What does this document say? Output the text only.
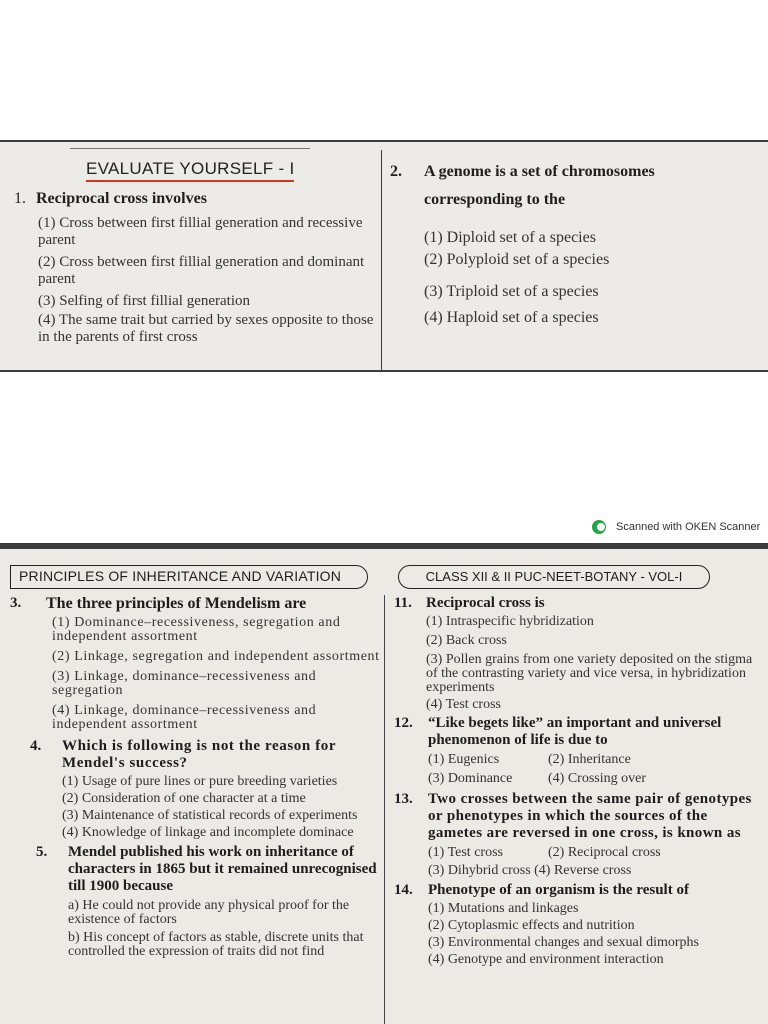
EVALUATE YOURSELF - I
1. Reciprocal cross involves
(1) Cross between first fillial generation and recessive parent
(2) Cross between first fillial generation and dominant parent
(3) Selfing of first fillial generation
(4) The same trait but carried by sexes opposite to those in the parents of first cross
2. A genome is a set of chromosomes
corresponding to the
(1) Diploid set of a species
(2) Polyploid set of a species
(3) Triploid set of a species
(4) Haploid set of a species
Scanned with OKEN Scanner
PRINCIPLES OF INHERITANCE AND VARIATION	CLASS XII & II PUC-NEET-BOTANY - VOL-I
3.	The three principles of Mendelism are
(1) Dominance–recessiveness, segregation and independent assortment
(2) Linkage, segregation and independent assortment
(3) Linkage, dominance–recessiveness and segregation
(4) Linkage, dominance–recessiveness and independent assortment
4.	Which is following is not the reason for Mendel's success?
(1) Usage of pure lines or pure breeding varieties
(2) Consideration of one character at a time
(3) Maintenance of statistical records of experiments
(4) Knowledge of linkage and incomplete dominace
5.	Mendel published his work on inheritance of characters in 1865 but it remained unrecognised till 1900 because
a) He could not provide any physical proof for the existence of factors
b) His concept of factors as stable, discrete units that controlled the expression of traits did not find
11. Reciprocal cross is
(1) Intraspecific hybridization
(2) Back cross
(3) Pollen grains from one variety deposited on the stigma of the contrasting variety and vice versa, in hybridization experiments
(4) Test cross
12.	“Like begets like” an important and universel phenomenon of life is due to
(1) Eugenics	(2) Inheritance
(3) Dominance	(4) Crossing over
13.	Two crosses between the same pair of genotypes or phenotypes in which the sources of the gametes are reversed in one cross, is known as
(1) Test cross	(2) Reciprocal cross
(3) Dihybrid cross (4) Reverse cross
14.	Phenotype of an organism is the result of
(1) Mutations and linkages
(2) Cytoplasmic effects and nutrition
(3) Environmental changes and sexual dimorphs
(4) Genotype and environment interaction
